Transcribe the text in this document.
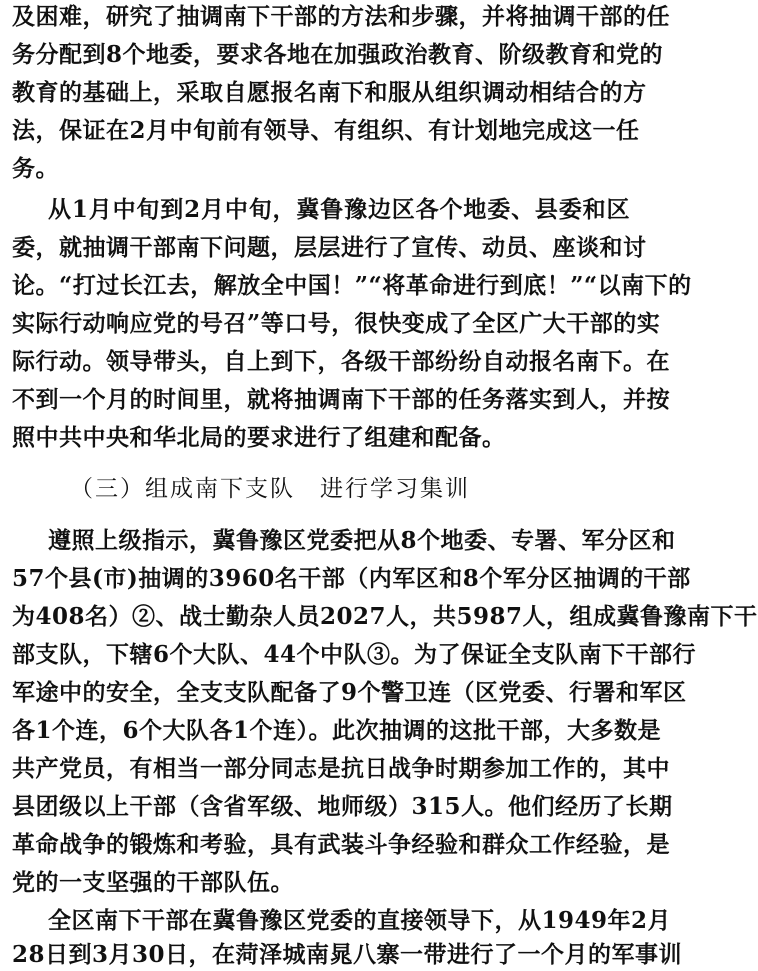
及困难，研究了抽调南下干部的方法和步骤，并将抽调干部的任
务分配到8个地委，要求各地在加强政治教育、阶级教育和党的
教育的基础上，采取自愿报名南下和服从组织调动相结合的方
法，保证在2月中旬前有领导、有组织、有计划地完成这一任
务。
从1月中旬到2月中旬，冀鲁豫边区各个地委、县委和区
委，就抽调干部南下问题，层层进行了宣传、动员、座谈和讨
论。“打过长江去，解放全中国！”“将革命进行到底！”“以南下的
实际行动响应党的号召”等口号，很快变成了全区广大干部的实
际行动。领导带头，自上到下，各级干部纷纷自动报名南下。在
不到一个月的时间里，就将抽调南下干部的任务落实到人，并按
照中共中央和华北局的要求进行了组建和配备。
（三）组成南下支队　进行学习集训
遵照上级指示，冀鲁豫区党委把从8个地委、专署、军分区和
57个县(市)抽调的3960名干部（内军区和8个军分区抽调的干部
为408名）②、战士勤杂人员2027人，共5987人，组成冀鲁豫南下干
部支队，下辖6个大队、44个中队③。为了保证全支队南下干部行
军途中的安全，全支支队配备了9个警卫连（区党委、行署和军区
各1个连，6个大队各1个连）。此次抽调的这批干部，大多数是
共产党员，有相当一部分同志是抗日战争时期参加工作的，其中
县团级以上干部（含省军级、地师级）315人。他们经历了长期
革命战争的锻炼和考验，具有武装斗争经验和群众工作经验，是
党的一支坚强的干部队伍。
全区南下干部在冀鲁豫区党委的直接领导下，从1949年2月
28日到3月30日，在菏泽城南晁八寨一带进行了一个月的军事训
